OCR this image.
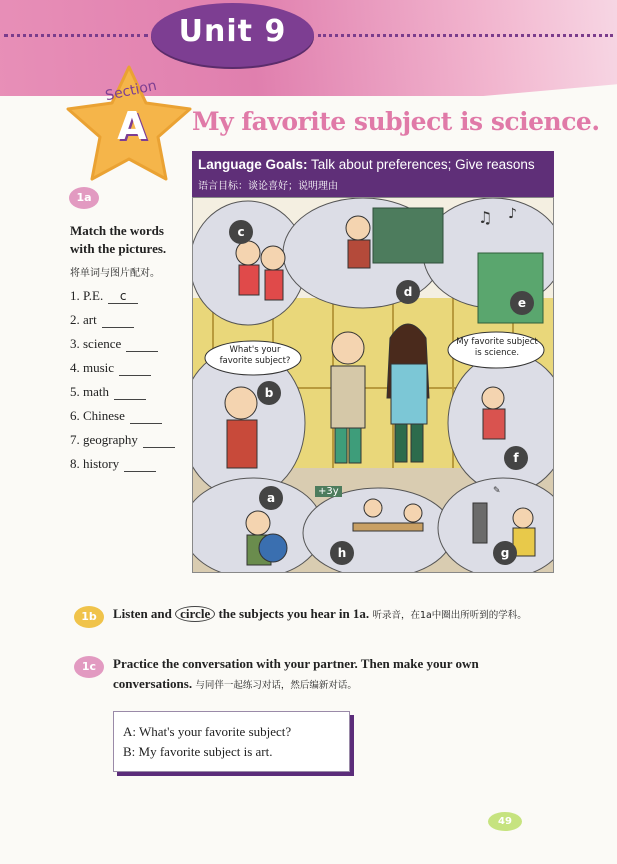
Unit 9
Section
A	My favorite subject is science.
Language Goals: Talk about preferences; Give reasons
语言目标：谈论喜好；说明理由
♫ ♪
✎
What's your favorite subject?
My favorite subject is science.
+3y
c
d
e
b
f
a
h	g
1a
Match the words
with the pictures.
将单词与图片配对。
1. P.E. c
2. art
3. science
4. music
5. math
6. Chinese
7. geography
8. history
1b	Listen and circle the subjects you hear in 1a. 听录音，在1a中圈出所听到的学科。
1c	Practice the conversation with your partner. Then make your own
conversations. 与同伴一起练习对话，然后编新对话。
A: What's your favorite subject?
B: My favorite subject is art.
49
